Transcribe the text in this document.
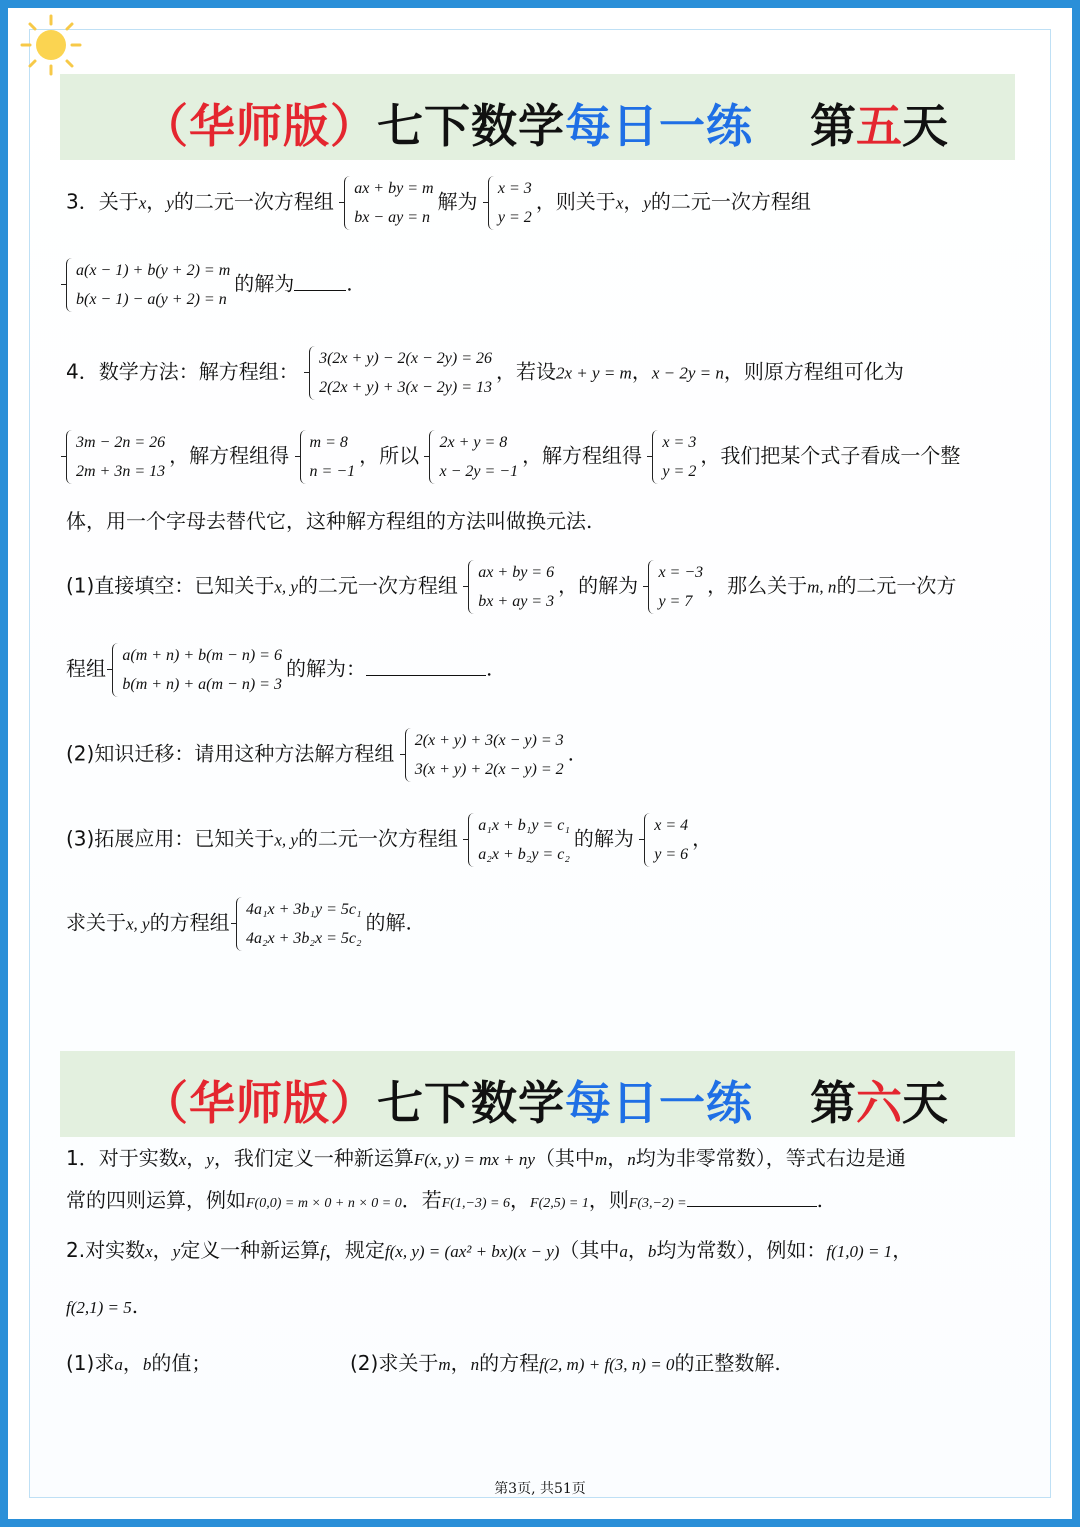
（华师版）七下数学每日一练 第五天
3．关于x，y的二元一次方程组
ax + by = m
bx − ay = n
解为
x = 3
y = 2
，则关于x，y的二元一次方程组
a(x − 1) + b(y + 2) = m
b(x − 1) − a(y + 2) = n
的解为	.
4．数学方法：解方程组：
3(2x + y) − 2(x − 2y) = 26
2(2x + y) + 3(x − 2y) = 13
，若设2x + y = m，x − 2y = n，则原方程组可化为
3m − 2n = 26
2m + 3n = 13
，解方程组得
m = 8
n = −1
，所以
2x + y = 8
x − 2y = −1
，解方程组得
x = 3
y = 2
，我们把某个式子看成一个整
体，用一个字母去替代它，这种解方程组的方法叫做换元法.
(1)直接填空：已知关于x, y的二元一次方程组
ax + by = 6
bx + ay = 3
，的解为
x = −3
y = 7
，那么关于m, n的二元一次方
程组
a(m + n) + b(m − n) = 6
b(m + n) + a(m − n) = 3
的解为：	.
(2)知识迁移：请用这种方法解方程组
2(x + y) + 3(x − y) = 3
3(x + y) + 2(x − y) = 2
.
(3)拓展应用：已知关于x, y的二元一次方程组
a₁x + b₁y = c₁
a₂x + b₂y = c₂
的解为
x = 4
y = 6
，
求关于x, y的方程组
4a₁x + 3b₁y = 5c₁
4a₂x + 3b₂x = 5c₂
的解.
（华师版）七下数学每日一练 第六天
1．对于实数x，y，我们定义一种新运算F(x, y) = mx + ny（其中m，n均为非零常数），等式右边是通
常的四则运算，例如F(0,0) = m × 0 + n × 0 = 0．若F(1,−3) = 6，F(2,5) = 1，则F(3,−2) =	.
2.对实数x，y定义一种新运算f，规定f(x, y) = (ax² + bx)(x − y)（其中a，b均为常数），例如：f(1,0) = 1，
f(2,1) = 5.
(1)求a，b的值；	(2)求关于m，n的方程f(2, m) + f(3, n) = 0的正整数解.
第3页, 共51页
